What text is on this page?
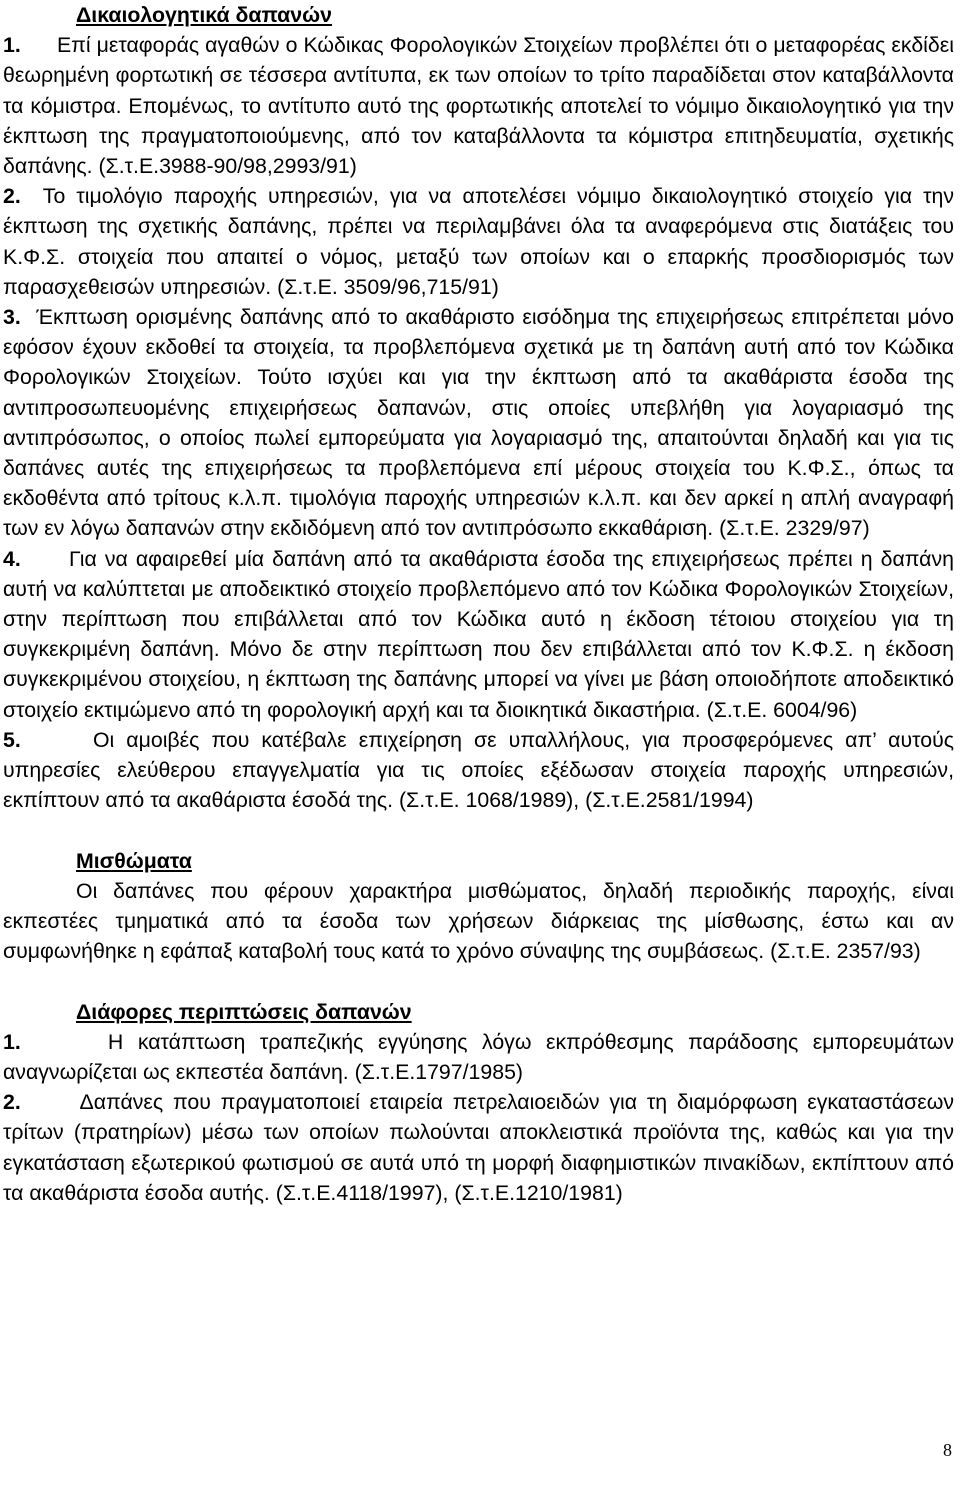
Δικαιολογητικά δαπανών

1. Επί μεταφοράς αγαθών ο Κώδικας Φορολογικών Στοιχείων προβλέπει ότι ο μεταφορέας εκδίδει θεωρημένη φορτωτική σε τέσσερα αντίτυπα, εκ των οποίων το τρίτο παραδίδεται στον καταβάλλοντα τα κόμιστρα. Επομένως, το αντίτυπο αυτό της φορτωτικής αποτελεί το νόμιμο δικαιολογητικό για την έκπτωση της πραγματοποιούμενης, από τον καταβάλλοντα τα κόμιστρα επιτηδευματία, σχετικής δαπάνης. (Σ.τ.Ε.3988-90/98,2993/91)

2. Το τιμολόγιο παροχής υπηρεσιών, για να αποτελέσει νόμιμο δικαιολογητικό στοιχείο για την έκπτωση της σχετικής δαπάνης, πρέπει να περιλαμβάνει όλα τα αναφερόμενα στις διατάξεις του Κ.Φ.Σ. στοιχεία που απαιτεί ο νόμος, μεταξύ των οποίων και ο επαρκής προσδιορισμός των παρασχεθεισών υπηρεσιών. (Σ.τ.Ε. 3509/96,715/91)

3. Έκπτωση ορισμένης δαπάνης από το ακαθάριστο εισόδημα της επιχειρήσεως επιτρέπεται μόνο εφόσον έχουν εκδοθεί τα στοιχεία, τα προβλεπόμενα σχετικά με τη δαπάνη αυτή από τον Κώδικα Φορολογικών Στοιχείων. Τούτο ισχύει και για την έκπτωση από τα ακαθάριστα έσοδα της αντιπροσωπευομένης επιχειρήσεως δαπανών, στις οποίες υπεβλήθη για λογαριασμό της αντιπρόσωπος, ο οποίος πωλεί εμπορεύματα για λογαριασμό της, απαιτούνται δηλαδή και για τις δαπάνες αυτές της επιχειρήσεως τα προβλεπόμενα επί μέρους στοιχεία του Κ.Φ.Σ., όπως τα εκδοθέντα από τρίτους κ.λ.π. τιμολόγια παροχής υπηρεσιών κ.λ.π. και δεν αρκεί η απλή αναγραφή των εν λόγω δαπανών στην εκδιδόμενη από τον αντιπρόσωπο εκκαθάριση. (Σ.τ.Ε. 2329/97)

4. Για να αφαιρεθεί μία δαπάνη από τα ακαθάριστα έσοδα της επιχειρήσεως πρέπει η δαπάνη αυτή να καλύπτεται με αποδεικτικό στοιχείο προβλεπόμενο από τον Κώδικα Φορολογικών Στοιχείων, στην περίπτωση που επιβάλλεται από τον Κώδικα αυτό η έκδοση τέτοιου στοιχείου για τη συγκεκριμένη δαπάνη. Μόνο δε στην περίπτωση που δεν επιβάλλεται από τον Κ.Φ.Σ. η έκδοση συγκεκριμένου στοιχείου, η έκπτωση της δαπάνης μπορεί να γίνει με βάση οποιοδήποτε αποδεικτικό στοιχείο εκτιμώμενο από τη φορολογική αρχή και τα διοικητικά δικαστήρια. (Σ.τ.Ε. 6004/96)

5.	Οι αμοιβές που κατέβαλε επιχείρηση σε υπαλλήλους, για προσφερόμενες απ’ αυτούς υπηρεσίες ελεύθερου επαγγελματία για τις οποίες εξέδωσαν στοιχεία παροχής υπηρεσιών, εκπίπτουν από τα ακαθάριστα έσοδά της. (Σ.τ.Ε. 1068/1989), (Σ.τ.Ε.2581/1994)

Μισθώματα

Οι δαπάνες που φέρουν χαρακτήρα μισθώματος, δηλαδή περιοδικής παροχής, είναι εκπεστέες τμηματικά από τα έσοδα των χρήσεων διάρκειας της μίσθωσης, έστω και αν συμφωνήθηκε η εφάπαξ καταβολή τους κατά το χρόνο σύναψης της συμβάσεως. (Σ.τ.Ε. 2357/93)

Διάφορες περιπτώσεις δαπανών

1.	Η κατάπτωση τραπεζικής εγγύησης λόγω εκπρόθεσμης παράδοσης εμπορευμάτων αναγνωρίζεται ως εκπεστέα δαπάνη. (Σ.τ.Ε.1797/1985)

2.	Δαπάνες που πραγματοποιεί εταιρεία πετρελαιοειδών για τη διαμόρφωση εγκαταστάσεων τρίτων (πρατηρίων) μέσω των οποίων πωλούνται αποκλειστικά προϊόντα της, καθώς και για την εγκατάσταση εξωτερικού φωτισμού σε αυτά υπό τη μορφή διαφημιστικών πινακίδων, εκπίπτουν από τα ακαθάριστα έσοδα αυτής. (Σ.τ.Ε.4118/1997), (Σ.τ.Ε.1210/1981)

8
